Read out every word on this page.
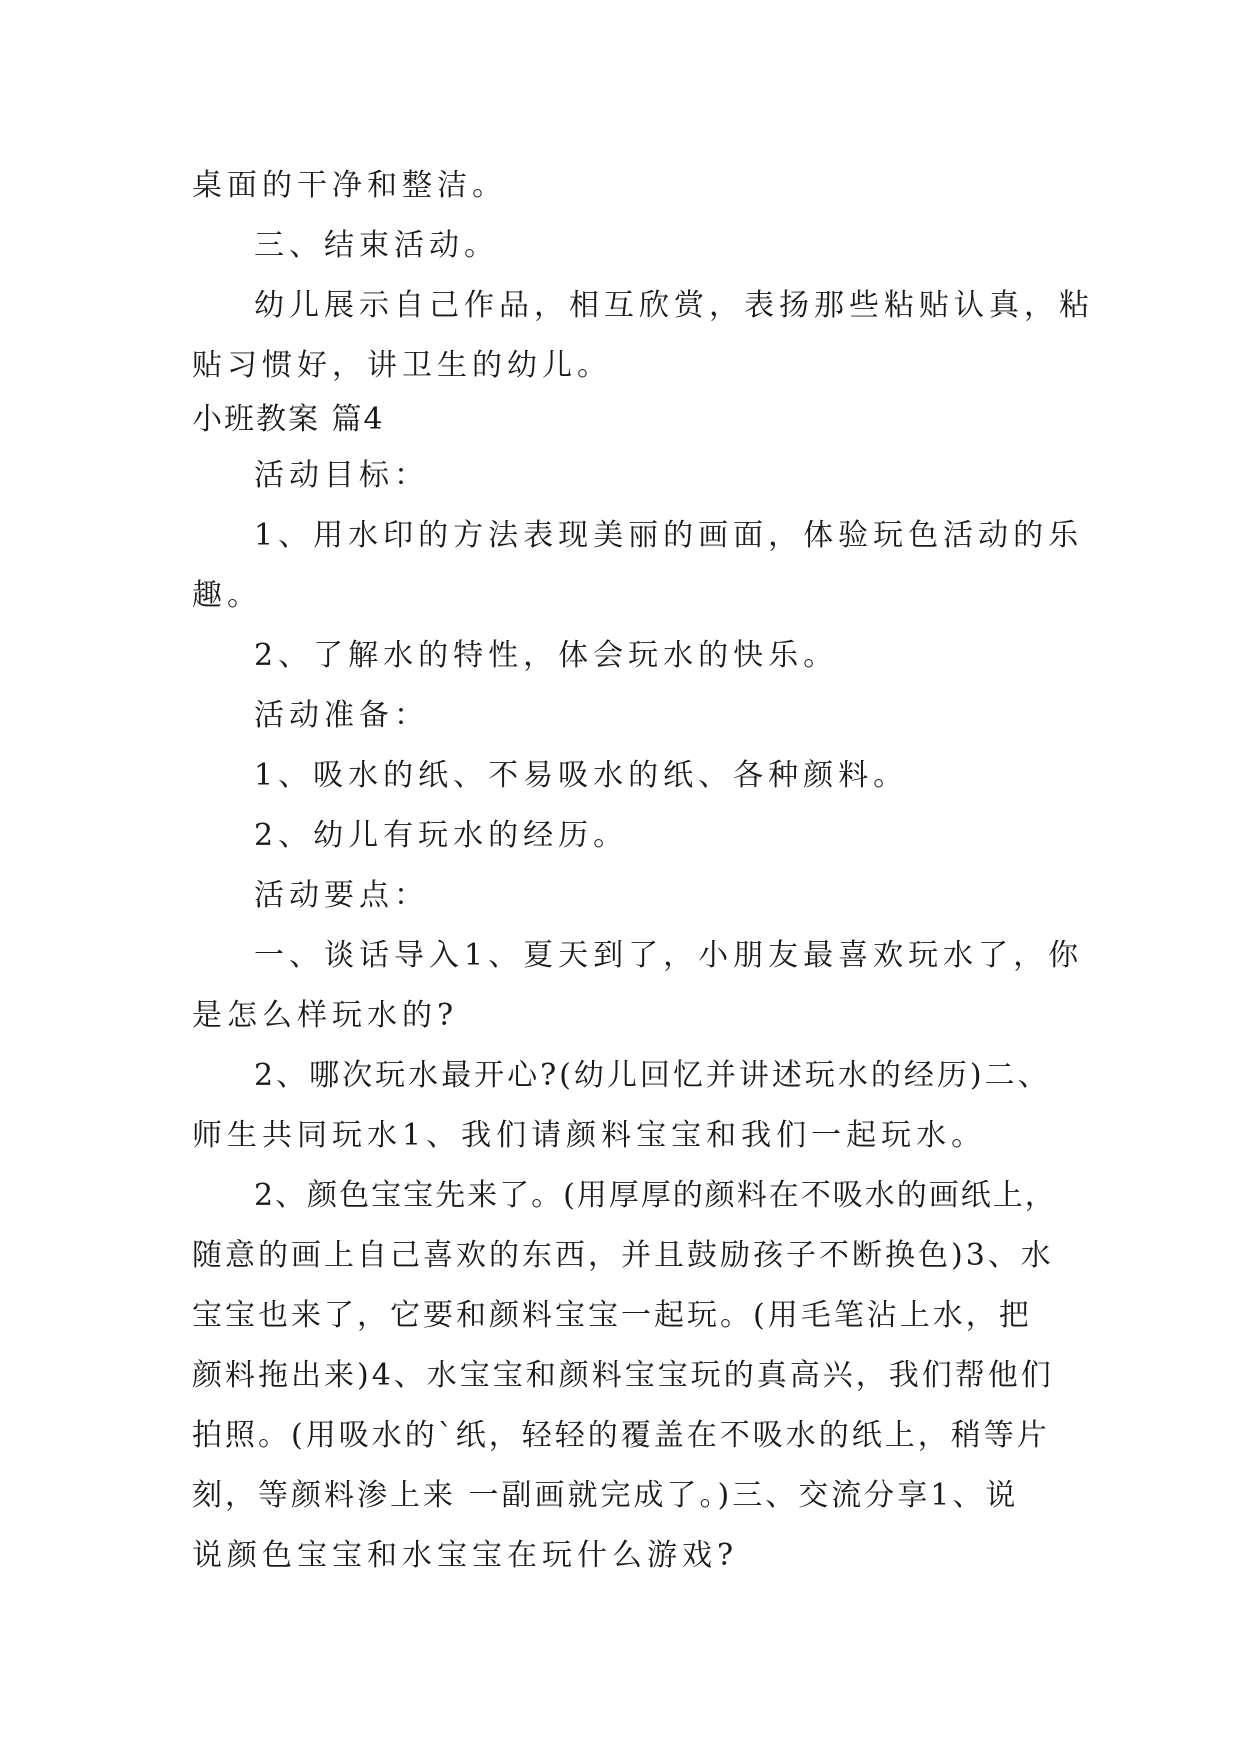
桌面的干净和整洁。
三、结束活动。
幼儿展示自己作品，相互欣赏，表扬那些粘贴认真，粘
贴习惯好，讲卫生的幼儿。
小班教案 篇4
活动目标：
1、用水印的方法表现美丽的画面，体验玩色活动的乐
趣。
2、了解水的特性，体会玩水的快乐。
活动准备：
1、吸水的纸、不易吸水的纸、各种颜料。
2、幼儿有玩水的经历。
活动要点：
一、谈话导入1、夏天到了，小朋友最喜欢玩水了，你
是怎么样玩水的?
2、哪次玩水最开心?(幼儿回忆并讲述玩水的经历)二、
师生共同玩水1、我们请颜料宝宝和我们一起玩水。
2、颜色宝宝先来了。(用厚厚的颜料在不吸水的画纸上，
随意的画上自己喜欢的东西，并且鼓励孩子不断换色)3、水
宝宝也来了，它要和颜料宝宝一起玩。(用毛笔沾上水，把
颜料拖出来)4、水宝宝和颜料宝宝玩的真高兴，我们帮他们
拍照。(用吸水的`纸，轻轻的覆盖在不吸水的纸上，稍等片
刻，等颜料渗上来 一副画就完成了。)三、交流分享1、说
说颜色宝宝和水宝宝在玩什么游戏?
